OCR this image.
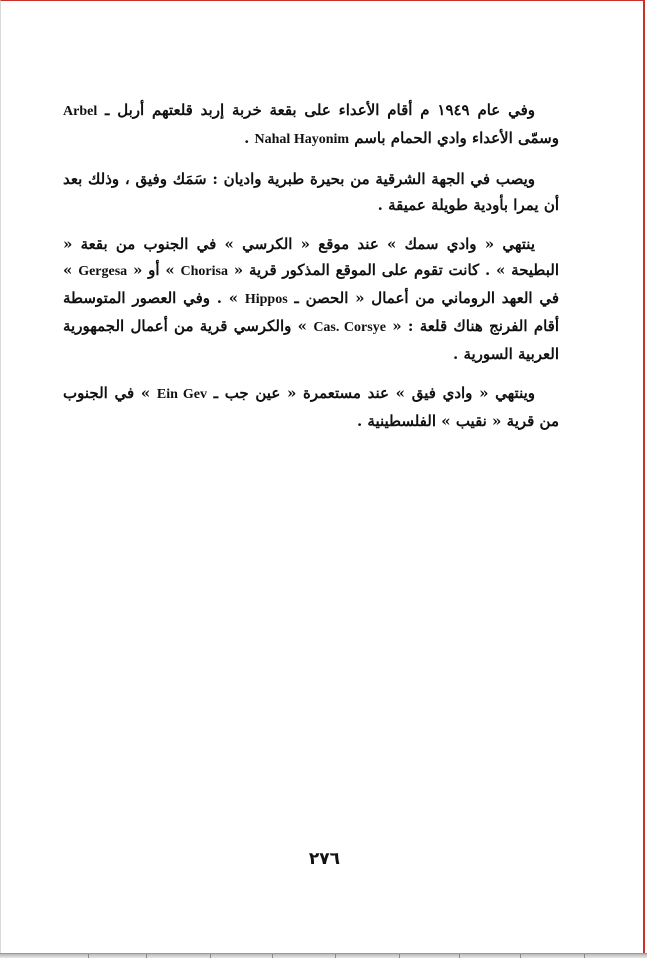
وفي عام ١٩٤٩ م أقام الأعداء على بقعة خربة إربد قلعتهم أربل ـ Arbel وسمّى الأعداء وادي الحمام باسم Nahal Hayonim .

ويصب في الجهة الشرقية من بحيرة طبرية واديان : سَمَك وفيق ، وذلك بعد أن يمرا بأودية طويلة عميقة .

ينتهي « وادي سمك » عند موقع « الكرسي » في الجنوب من بقعة « البطيحة » . كانت تقوم على الموقع المذكور قرية « Chorisa » أو « Gergesa » في العهد الروماني من أعمال « الحصن ـ Hippos » . وفي العصور المتوسطة أقام الفرنج هناك قلعة : « Cas. Corsye » والكرسي قرية من أعمال الجمهورية العربية السورية .

وينتهي « وادي فيق » عند مستعمرة « عين جب ـ Ein Gev » في الجنوب من قرية « نقيب » الفلسطينية .

٢٧٦
